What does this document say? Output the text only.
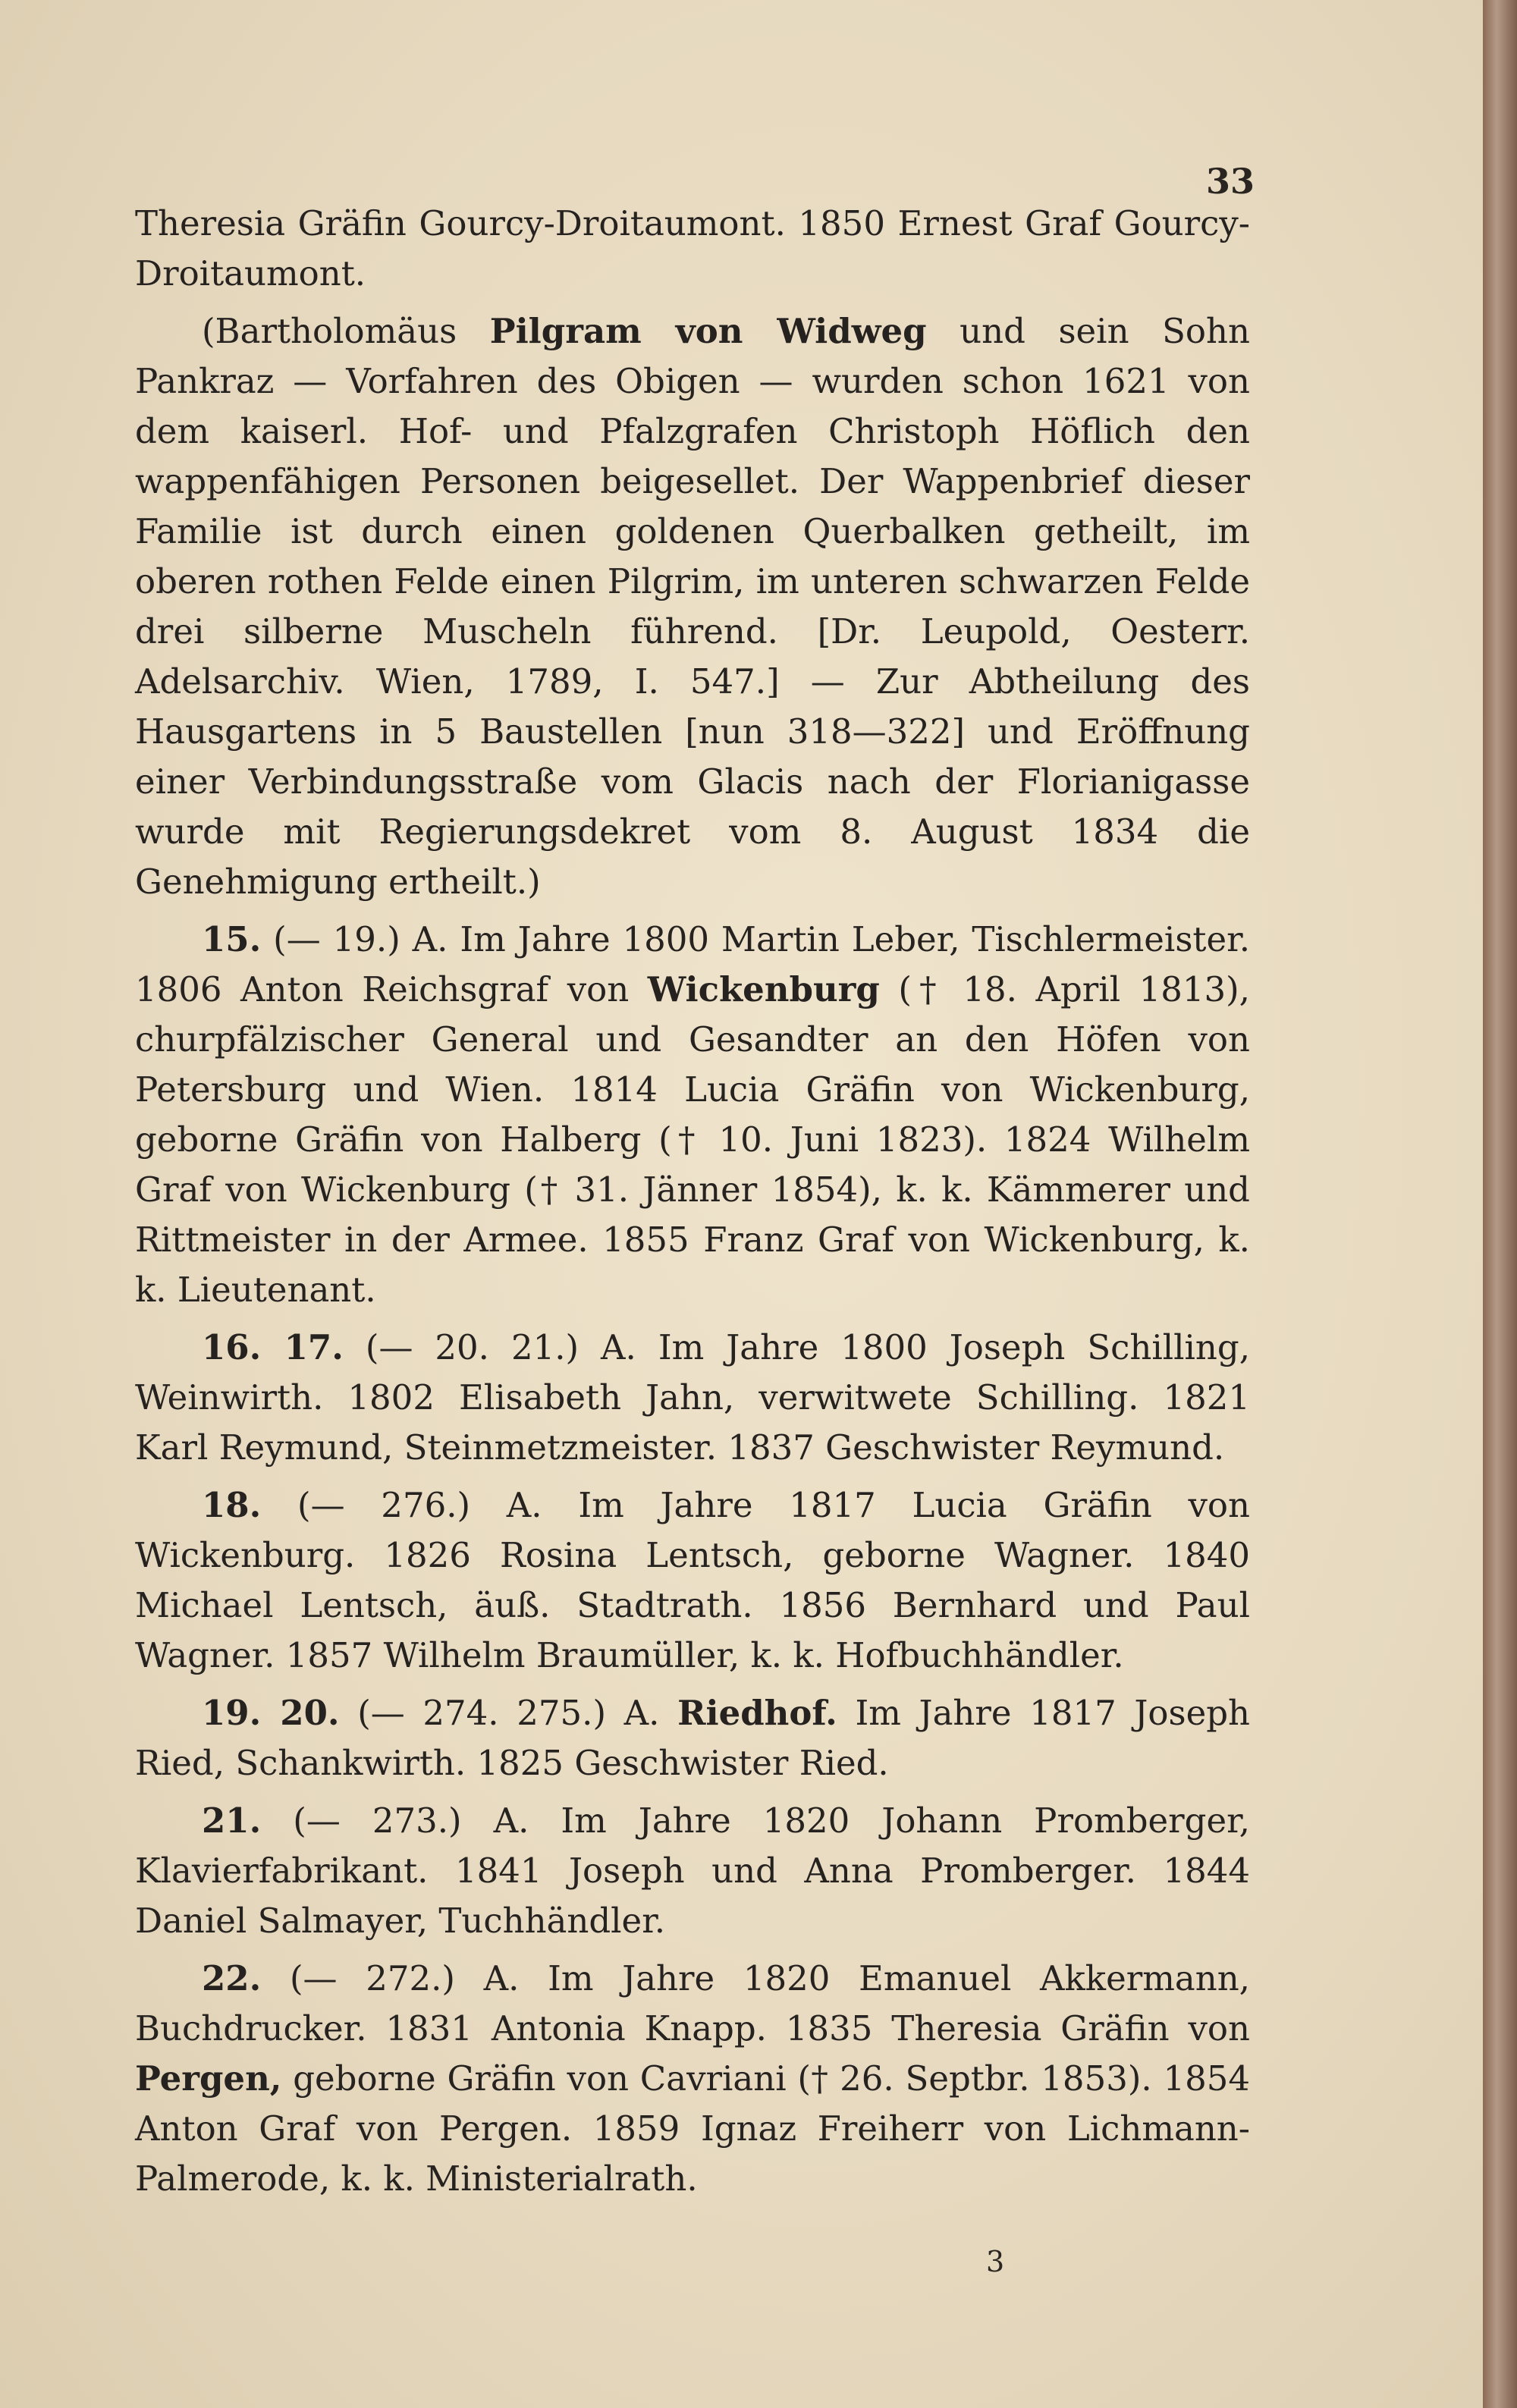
33

Theresia Gräfin Gourcy-Droitaumont. 1850 Ernest Graf Gourcy-Droitaumont.

(Bartholomäus Pilgram von Widweg und sein Sohn Pankraz — Vorfahren des Obigen — wurden schon 1621 von dem kaiserl. Hof- und Pfalzgrafen Christoph Höflich den wappenfähigen Personen beigesellet. Der Wappenbrief dieser Familie ist durch einen goldenen Querbalken getheilt, im oberen rothen Felde einen Pilgrim, im unteren schwarzen Felde drei silberne Muscheln führend. [Dr. Leupold, Oesterr. Adelsarchiv. Wien, 1789, I. 547.] — Zur Abtheilung des Hausgartens in 5 Baustellen [nun 318—322] und Eröffnung einer Verbindungsstraße vom Glacis nach der Florianigasse wurde mit Regierungsdekret vom 8. August 1834 die Genehmigung ertheilt.)

15. (— 19.) A. Im Jahre 1800 Martin Leber, Tischlermeister. 1806 Anton Reichsgraf von Wickenburg († 18. April 1813), churpfälzischer General und Gesandter an den Höfen von Petersburg und Wien. 1814 Lucia Gräfin von Wickenburg, geborne Gräfin von Halberg († 10. Juni 1823). 1824 Wilhelm Graf von Wickenburg († 31. Jänner 1854), k. k. Kämmerer und Rittmeister in der Armee. 1855 Franz Graf von Wickenburg, k. k. Lieutenant.

16. 17. (— 20. 21.) A. Im Jahre 1800 Joseph Schilling, Weinwirth. 1802 Elisabeth Jahn, verwitwete Schilling. 1821 Karl Reymund, Steinmetzmeister. 1837 Geschwister Reymund.

18. (— 276.) A. Im Jahre 1817 Lucia Gräfin von Wickenburg. 1826 Rosina Lentsch, geborne Wagner. 1840 Michael Lentsch, äuß. Stadtrath. 1856 Bernhard und Paul Wagner. 1857 Wilhelm Braumüller, k. k. Hofbuchhändler.

19. 20. (— 274. 275.) A. Riedhof. Im Jahre 1817 Joseph Ried, Schankwirth. 1825 Geschwister Ried.

21. (— 273.) A. Im Jahre 1820 Johann Promberger, Klavierfabrikant. 1841 Joseph und Anna Promberger. 1844 Daniel Salmayer, Tuchhändler.

22. (— 272.) A. Im Jahre 1820 Emanuel Akkermann, Buchdrucker. 1831 Antonia Knapp. 1835 Theresia Gräfin von Pergen, geborne Gräfin von Cavriani († 26. Septbr. 1853). 1854 Anton Graf von Pergen. 1859 Ignaz Freiherr von Lichmann-Palmerode, k. k. Ministerialrath.

3
